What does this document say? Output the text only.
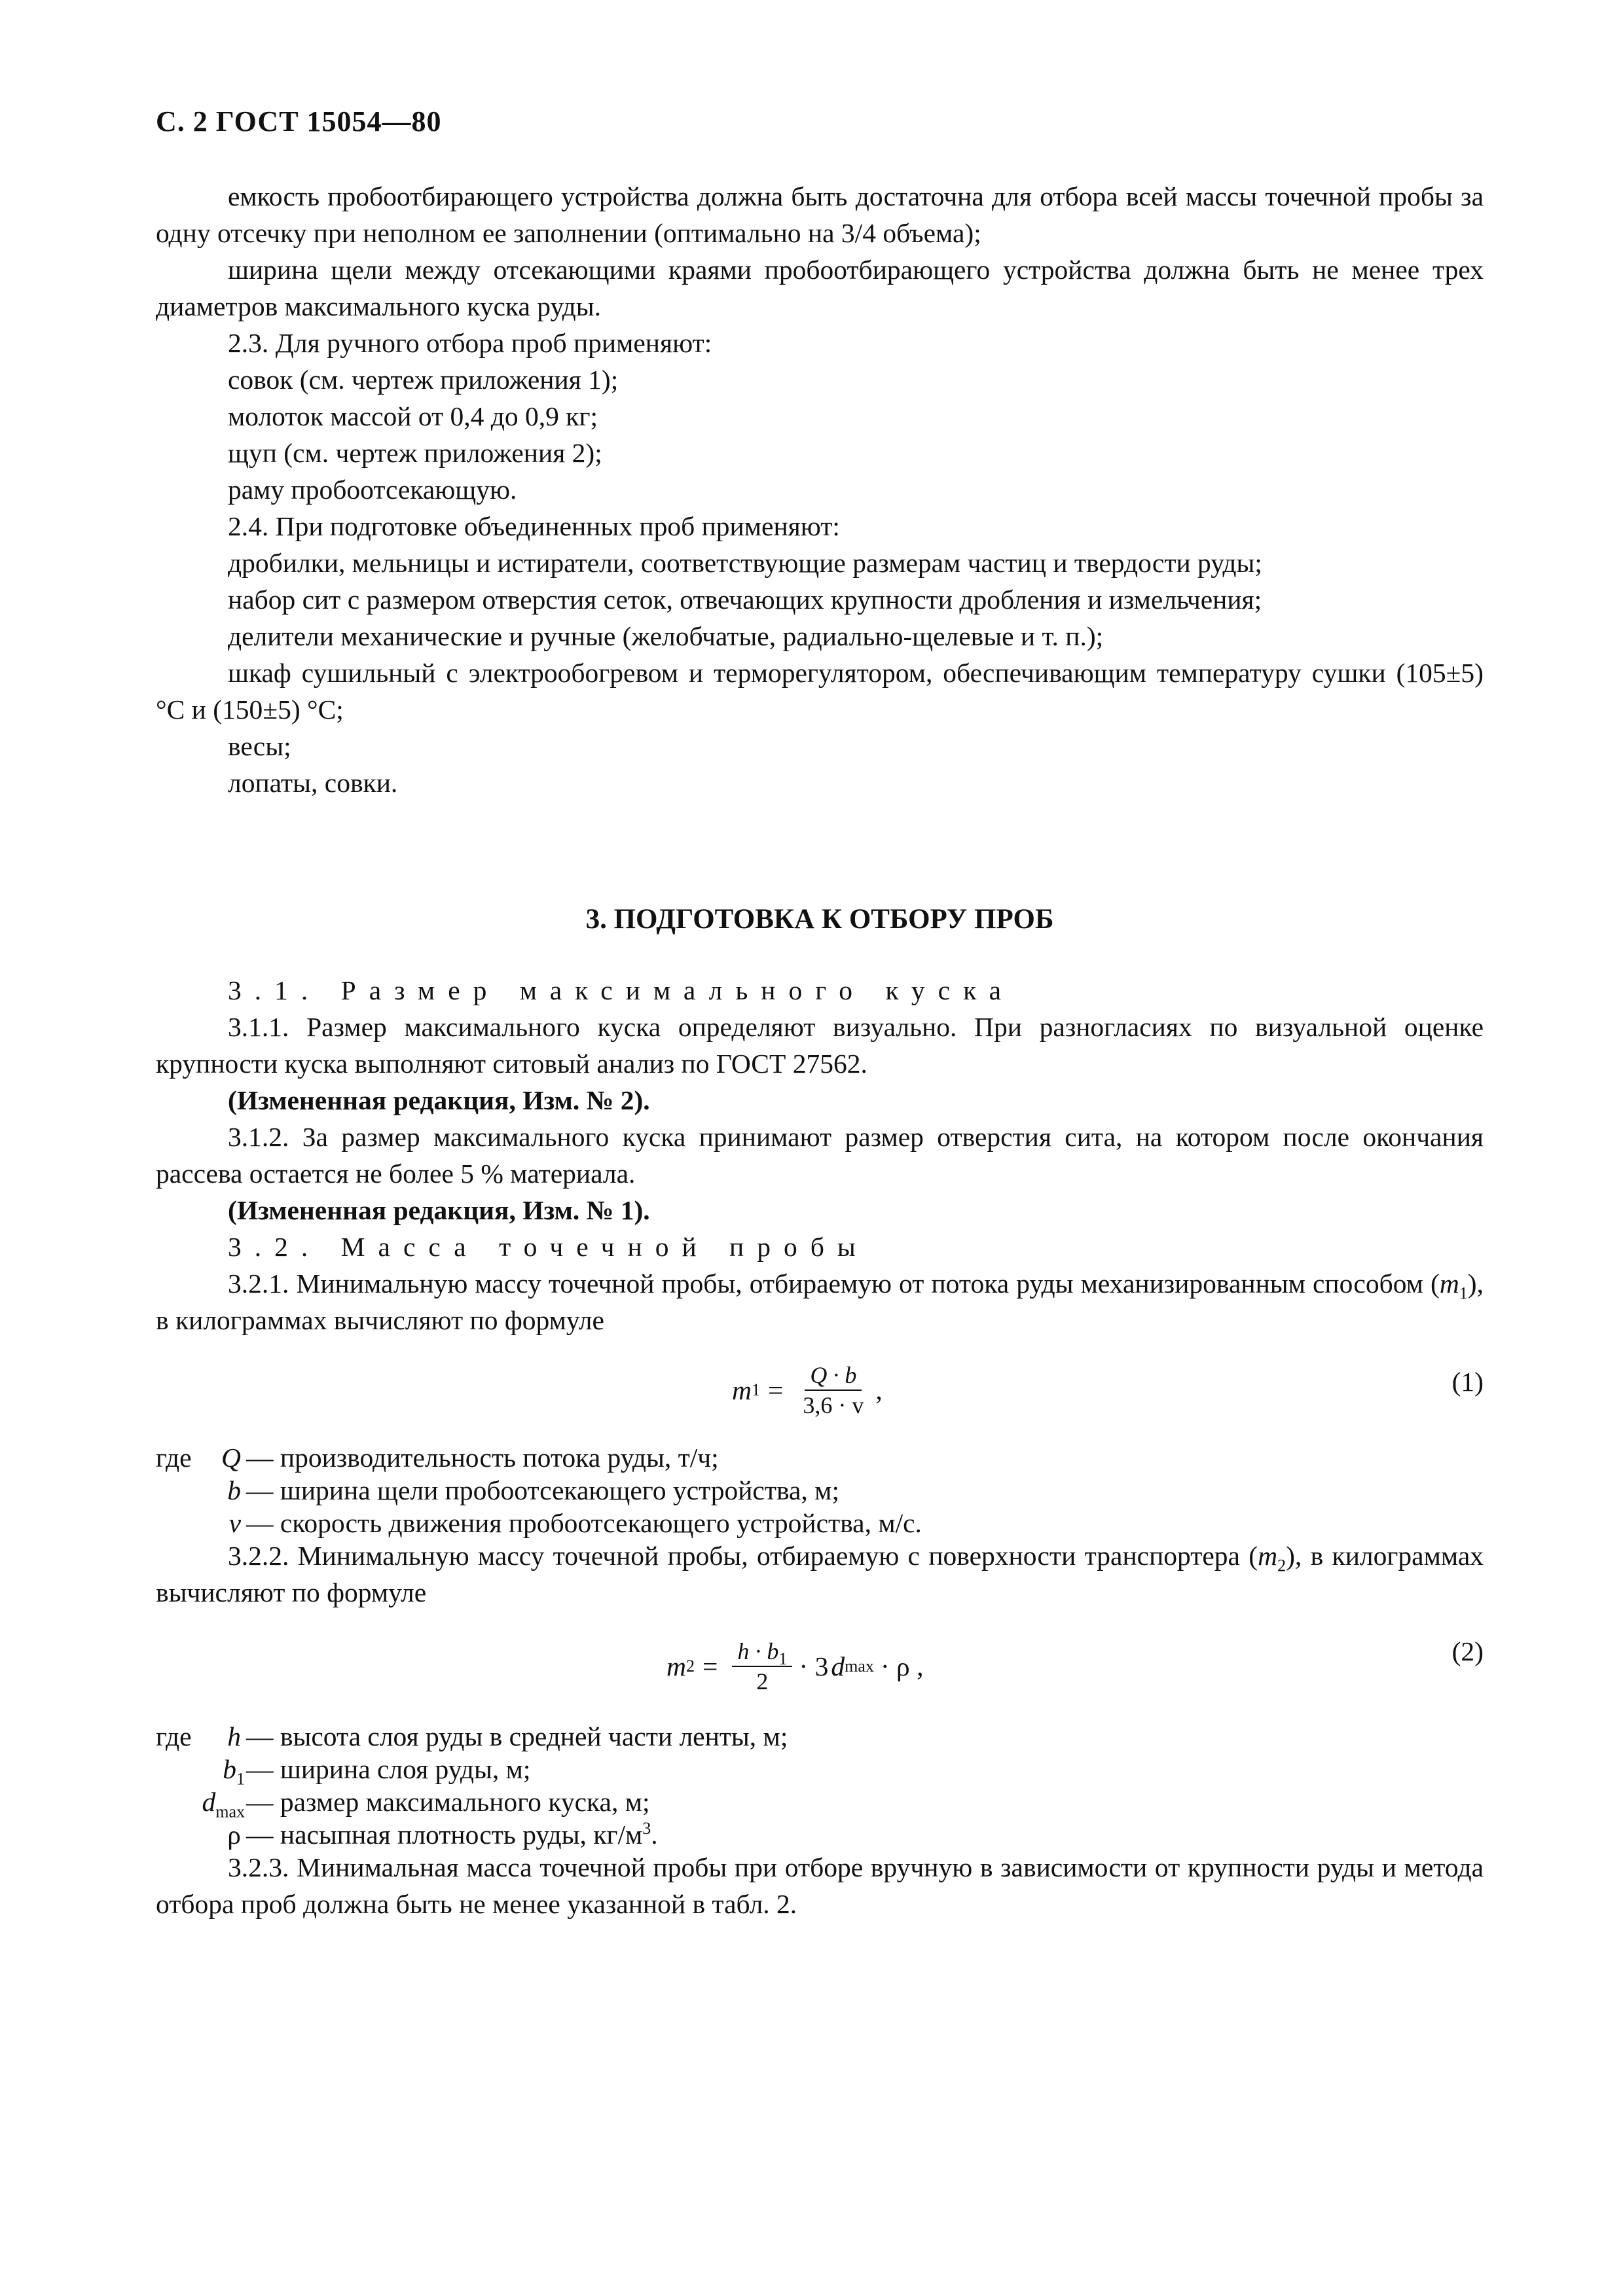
С. 2 ГОСТ 15054—80

емкость пробоотбирающего устройства должна быть достаточна для отбора всей массы точечной пробы за одну отсечку при неполном ее заполнении (оптимально на 3/4 объема);

ширина щели между отсекающими краями пробоотбирающего устройства должна быть не менее трех диаметров максимального куска руды.

2.3. Для ручного отбора проб применяют:

совок (см. чертеж приложения 1);

молоток массой от 0,4 до 0,9 кг;

щуп (см. чертеж приложения 2);

раму пробоотсекающую.

2.4. При подготовке объединенных проб применяют:

дробилки, мельницы и истиратели, соответствующие размерам частиц и твердости руды;

набор сит с размером отверстия сеток, отвечающих крупности дробления и измельчения;

делители механические и ручные (желобчатые, радиально-щелевые и т. п.);

шкаф сушильный с электрообогревом и терморегулятором, обеспечивающим температуру сушки (105±5) °С и (150±5) °С;

весы;

лопаты, совки.

3. ПОДГОТОВКА К ОТБОРУ ПРОБ

3.1. Размер максимального куска

3.1.1. Размер максимального куска определяют визуально. При разногласиях по визуальной оценке крупности куска выполняют ситовый анализ по ГОСТ 27562.

(Измененная редакция, Изм. № 2).

3.1.2. За размер максимального куска принимают размер отверстия сита, на котором после окончания рассева остается не более 5 % материала.

(Измененная редакция, Изм. № 1).

3.2. Масса точечной пробы

3.2.1. Минимальную массу точечной пробы, отбираемую от потока руды механизированным способом $(m_1)$, в килограммах вычисляют по формуле

m $1 = \frac{Q \cdot b}{3,6 \cdot v}$ ,	(1)
где Q — производительность потока руды, т/ч;
b — ширина щели пробоотсекающего устройства, м;
v — скорость движения пробоотсекающего устройства, м/с.

3.2.2. Минимальную массу точечной пробы, отбираемую с поверхности транспортера $(m_2)$, в килограммах вычисляют по формуле

m $2 = \frac{h \cdot b_1}{2} \cdot 3$ d max · ρ ,	(2)
где	h — высота слоя руды в средней части ленты, м;
$b_1$ — ширина слоя руды, м;
$d_{max}$ — размер максимального куска, м;
ρ — насыпная плотность руды, $кг/м^3$.

3.2.3. Минимальная масса точечной пробы при отборе вручную в зависимости от крупности руды и метода отбора проб должна быть не менее указанной в табл. 2.
